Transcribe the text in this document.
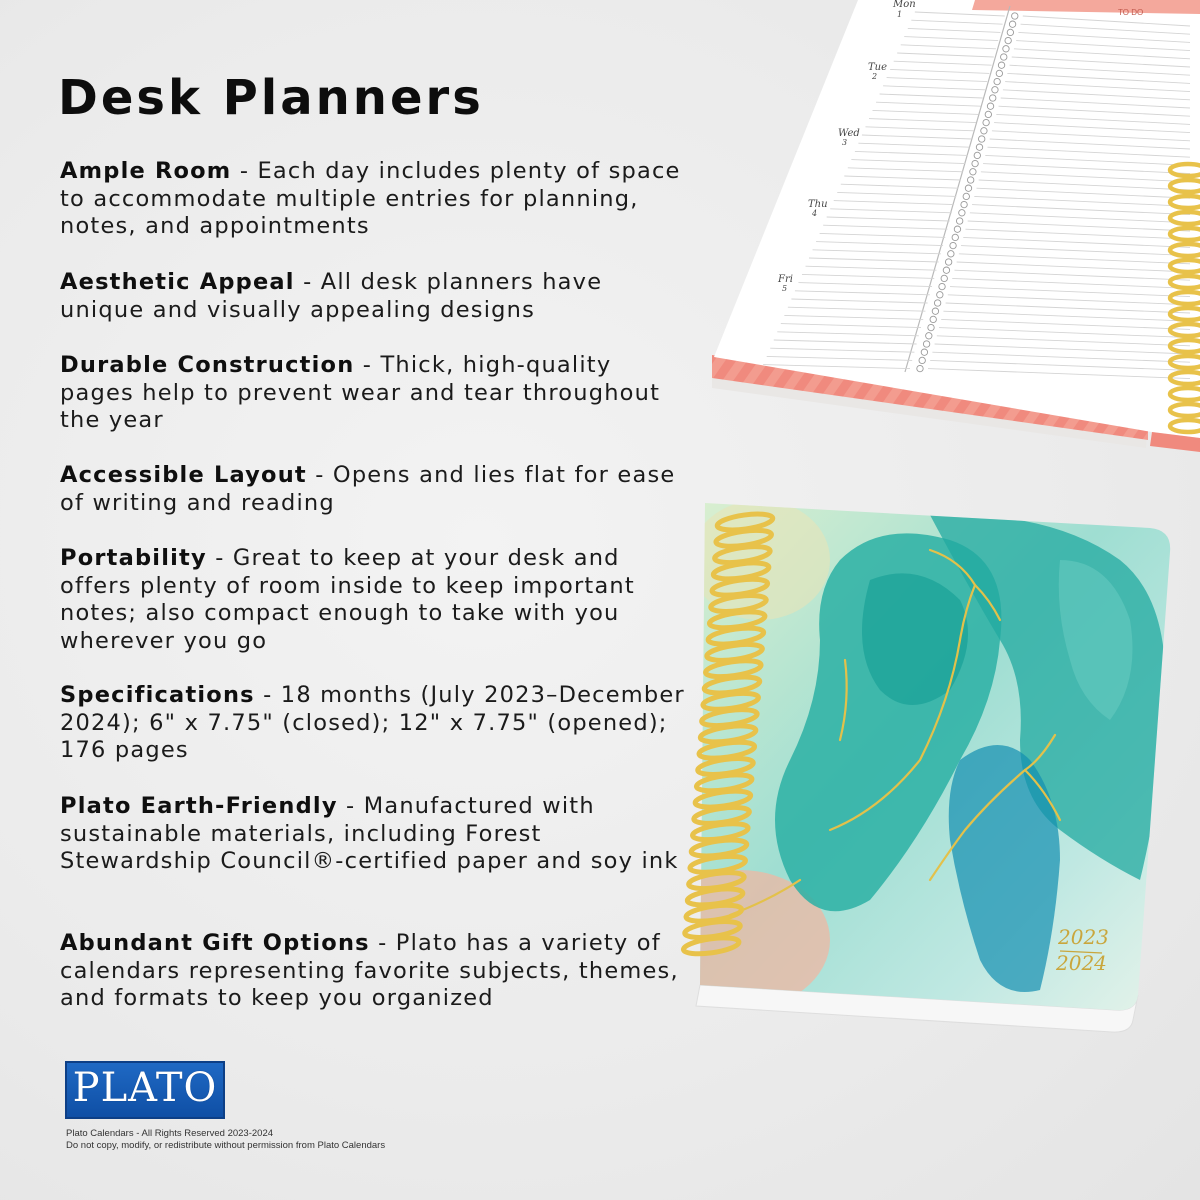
Desk Planners

Ample Room - Each day includes plenty of space to accommodate multiple entries for planning, notes, and appointments

Aesthetic Appeal - All desk planners have unique and visually appealing designs

Durable Construction - Thick, high-quality pages help to prevent wear and tear throughout the year

Accessible Layout - Opens and lies flat for ease of writing and reading

Portability - Great to keep at your desk and offers plenty of room inside to keep important notes; also compact enough to take with you wherever you go

Specifications - 18 months (July 2023–December 2024); 6" x 7.75" (closed); 12" x 7.75" (opened); 176 pages

Plato Earth-Friendly - Manufactured with sustainable materials, including Forest Stewardship Council®-certified paper and soy ink

Abundant Gift Options - Plato has a variety of calendars representing favorite subjects, themes, and formats to keep you organized

TO DO
Mon
1
Tue
2
Wed
3
Thu
4
Fri
5
2023
2024
PLATO
Plato Calendars - All Rights Reserved 2023-2024
Do not copy, modify, or redistribute without permission from Plato Calendars
